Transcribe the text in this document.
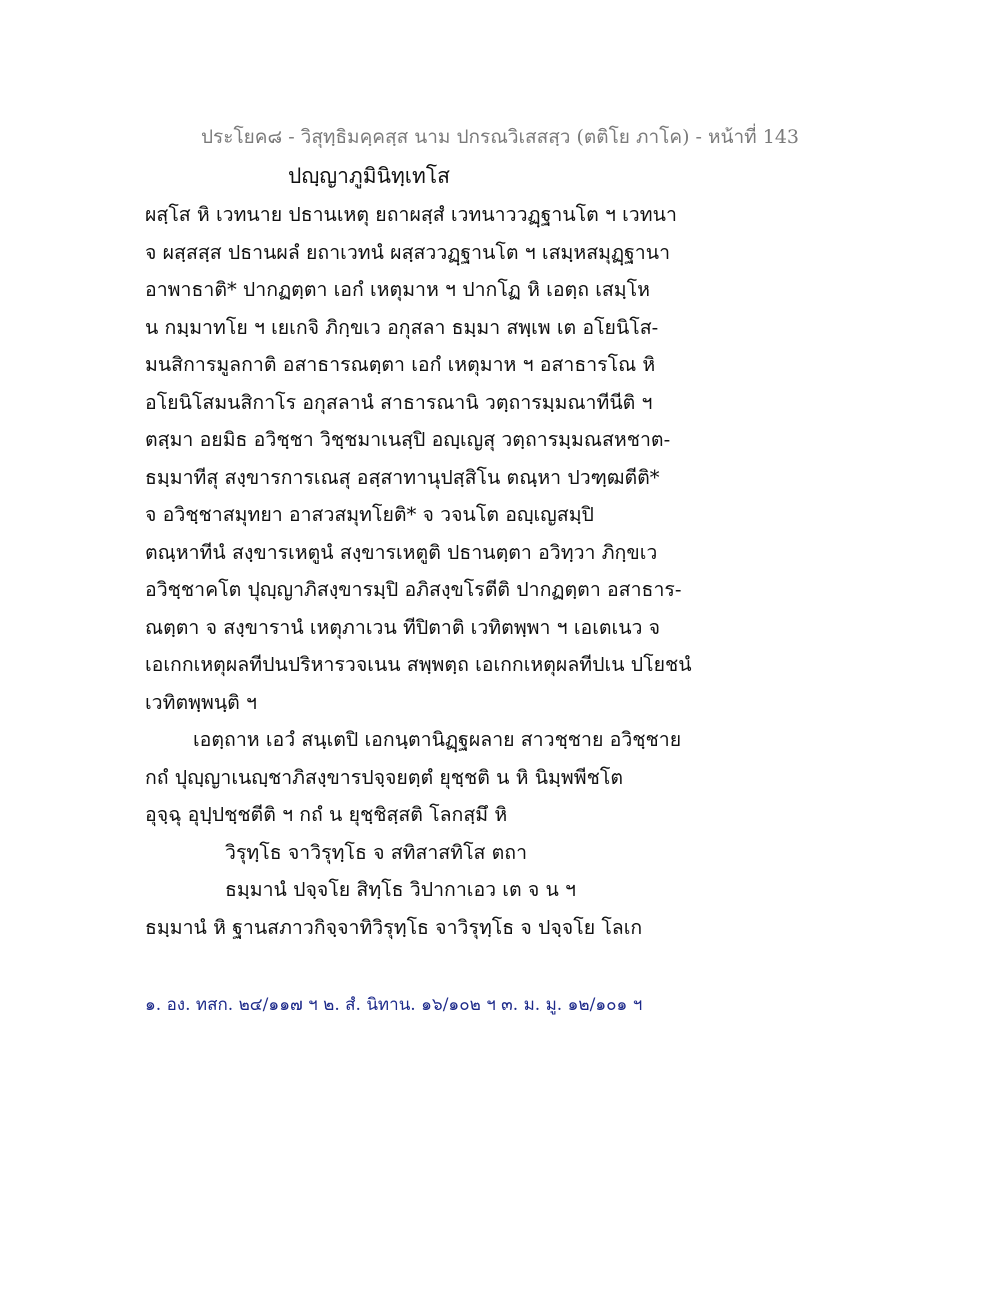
ประโยค๘ - วิสุทฺธิมคฺคสฺส นาม ปกรณวิเสสสฺว (ตติโย ภาโค) - หน้าที่ 143
ปญฺญาภูมินิทฺเทโส
ผสฺโส หิ เวทนาย ปธานเหตุ ยถาผสฺสํ เวทนาววฏฺฐานโต ฯ เวทนา
จ ผสฺสสฺส ปธานผลํ ยถาเวทนํ ผสฺสววฏฺฐานโต ฯ เสมฺหสมุฏฺฐานา
อาพาธาติ* ปากฏตฺตา เอกํ เหตุมาห ฯ ปากโฏ หิ เอตฺถ เสมฺโห
น กมฺมาทโย ฯ เยเกจิ ภิกฺขเว อกุสลา ธมฺมา สพฺเพ เต อโยนิโส-
มนสิการมูลกาติ อสาธารณตฺตา เอกํ เหตุมาห ฯ อสาธารโณ หิ
อโยนิโสมนสิกาโร อกุสลานํ สาธารณานิ วตฺถารมฺมณาทีนีติ ฯ
ตสฺมา อยมิธ อวิชฺชา วิชฺชมาเนสฺปิ อญฺเญสุ วตฺถารมฺมณสหชาต-
ธมฺมาทีสุ สงฺขารการเณสุ อสฺสาทานุปสฺสิโน ตณฺหา ปวฑฺฒตีติ*
จ อวิชฺชาสมุทยา อาสวสมุทโยติ* จ วจนโต อญฺเญสมฺปิ
ตณฺหาทีนํ สงฺขารเหตูนํ สงฺขารเหตูติ ปธานตฺตา อวิทฺวา ภิกฺขเว
อวิชฺชาคโต ปุญฺญาภิสงฺขารมฺปิ อภิสงฺขโรตีติ ปากฏตฺตา อสาธาร-
ณตฺตา จ สงฺขารานํ เหตุภาเวน ทีปิตาติ เวทิตพฺพา ฯ เอเตเนว จ
เอเกกเหตุผลทีปนปริหารวจเนน สพฺพตฺถ เอเกกเหตุผลทีปเน ปโยชนํ
เวทิตพฺพนฺติ ฯ
เอตฺถาห เอวํ สนฺเตปิ เอกนฺตานิฏฺฐผลาย สาวชฺชาย อวิชฺชาย
กถํ ปุญฺญาเนญฺชาภิสงฺขารปจฺจยตฺตํ ยุชฺชติ น หิ นิมฺพพีชโต
อุจฺฉุ อุปฺปชฺชตีติ ฯ กถํ น ยุชฺชิสฺสติ โลกสฺมึ หิ
วิรุทฺโธ จาวิรุทฺโธ จ สทิสาสทิโส ตถา
ธมฺมานํ ปจฺจโย สิทฺโธ วิปากาเอว เต จ น ฯ
ธมฺมานํ หิ ฐานสภาวกิจฺจาทิวิรุทฺโธ จาวิรุทฺโธ จ ปจฺจโย โลเก
๑. อง. ทสก. ๒๔/๑๑๗ ฯ ๒. สํ. นิทาน. ๑๖/๑๐๒ ฯ ๓. ม. มู. ๑๒/๑๐๑ ฯ
